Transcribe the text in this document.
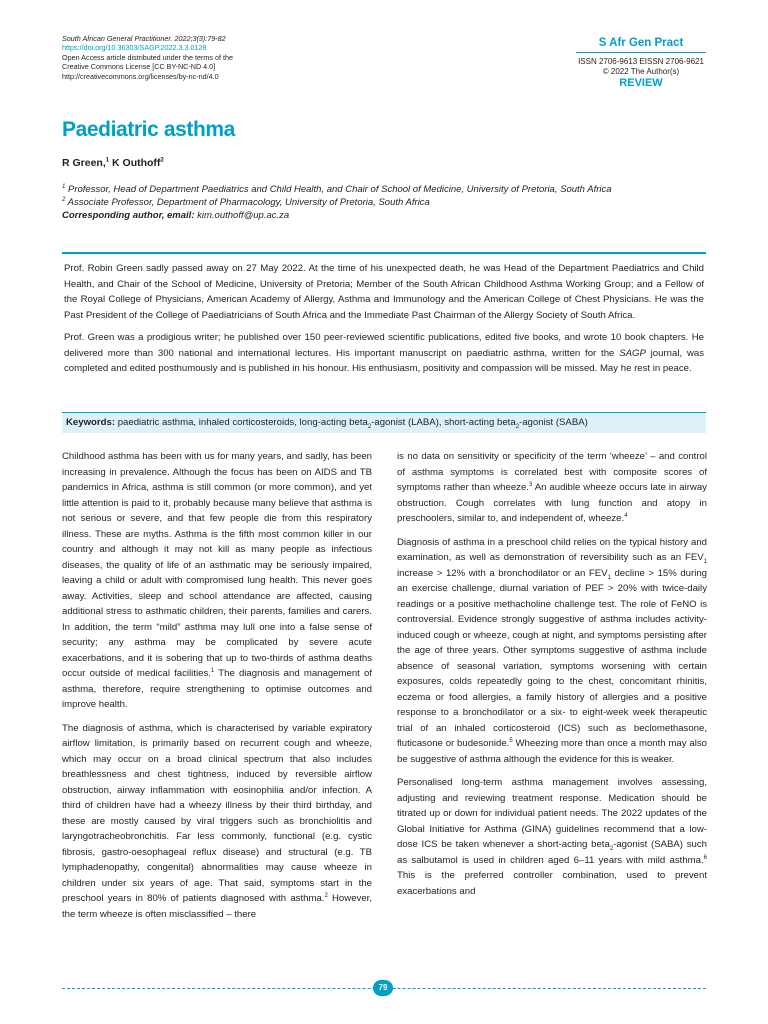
South African General Practitioner. 2022;3(3):79-82
https://doi.org/10.36303/SAGP.2022.3.3.0128
Open Access article distributed under the terms of the
Creative Commons License [CC BY-NC-ND 4.0]
http://creativecommons.org/licenses/by-nc-nd/4.0
S Afr Gen Pract
ISSN 2706-9613 EISSN 2706-9621
© 2022 The Author(s)
REVIEW
Paediatric asthma
R Green,$^1$ K Outhoff$^2$
$^1$ Professor, Head of Department Paediatrics and Child Health, and Chair of School of Medicine, University of Pretoria, South Africa
$^2$ Associate Professor, Department of Pharmacology, University of Pretoria, South Africa
Corresponding author, email: kim.outhoff@up.ac.za

Prof. Robin Green sadly passed away on 27 May 2022. At the time of his unexpected death, he was Head of the Department Paediatrics and Child Health, and Chair of the School of Medicine, University of Pretoria; Member of the South African Childhood Asthma Working Group; and a Fellow of the Royal College of Physicians, American Academy of Allergy, Asthma and Immunology and the American College of Chest Physicians. He was the Past President of the College of Paediatricians of South Africa and the Immediate Past Chairman of the Allergy Society of South Africa.

Prof. Green was a prodigious writer; he published over 150 peer-reviewed scientific publications, edited five books, and wrote 10 book chapters. He delivered more than 300 national and international lectures. His important manuscript on paediatric asthma, written for the SAGP journal, was completed and edited posthumously and is published in his honour. His enthusiasm, positivity and compassion will be missed. May he rest in peace.

Keywords: paediatric asthma, inhaled corticosteroids, long-acting beta$_2$-agonist (LABA), short-acting beta$_2$-agonist (SABA)

Childhood asthma has been with us for many years, and sadly, has been increasing in prevalence. Although the focus has been on AIDS and TB pandemics in Africa, asthma is still common (or more common), and yet little attention is paid to it, probably because many believe that asthma is not serious or severe, and that few people die from this respiratory illness. These are myths. Asthma is the fifth most common killer in our country and although it may not kill as many people as infectious diseases, the quality of life of an asthmatic may be seriously impaired, leaving a child or adult with compromised lung health. This never goes away. Activities, sleep and school attendance are affected, causing additional stress to asthmatic children, their parents, families and carers. In addition, the term “mild” asthma may lull one into a false sense of security; any asthma may be complicated by severe acute exacerbations, and it is sobering that up to two-thirds of asthma deaths occur outside of medical facilities.$^1$ The diagnosis and management of asthma, therefore, require strengthening to optimise outcomes and improve health.

The diagnosis of asthma, which is characterised by variable expiratory airflow limitation, is primarily based on recurrent cough and wheeze, which may occur on a broad clinical spectrum that also includes breathlessness and chest tightness, induced by reversible airflow obstruction, airway inflammation with eosinophilia and/or infection. A third of children have had a wheezy illness by their third birthday, and these are mostly caused by viral triggers such as bronchiolitis and laryngotracheobronchitis. Far less commonly, functional (e.g. cystic fibrosis, gastro-oesophageal reflux disease) and structural (e.g. TB lymphadenopathy, congenital) abnormalities may cause wheeze in children under six years of age. That said, symptoms start in the preschool years in 80% of patients diagnosed with asthma.$^2$ However, the term wheeze is often misclassified – there

is no data on sensitivity or specificity of the term ‘wheeze’ – and control of asthma symptoms is correlated best with composite scores of symptoms rather than wheeze.$^3$ An audible wheeze occurs late in airway obstruction. Cough correlates with lung function and atopy in preschoolers, similar to, and independent of, wheeze.$^4$

Diagnosis of asthma in a preschool child relies on the typical history and examination, as well as demonstration of reversibility such as an $FEV_1$ increase > 12% with a bronchodilator or an $FEV_1$ decline > 15% during an exercise challenge, diurnal variation of PEF > 20% with twice-daily readings or a positive methacholine challenge test. The role of FeNO is controversial. Evidence strongly suggestive of asthma includes activity-induced cough or wheeze, cough at night, and symptoms persisting after the age of three years. Other symptoms suggestive of asthma include absence of seasonal variation, symptoms worsening with certain exposures, colds repeatedly going to the chest, concomitant rhinitis, eczema or food allergies, a family history of allergies and a positive response to a bronchodilator or a six- to eight-week week therapeutic trial of an inhaled corticosteroid (ICS) such as beclomethasone, fluticasone or budesonide.$^5$ Wheezing more than once a month may also be suggestive of asthma although the evidence for this is weaker.

Personalised long-term asthma management involves assessing, adjusting and reviewing treatment response. Medication should be titrated up or down for individual patient needs. The 2022 updates of the Global Initiative for Asthma (GINA) guidelines recommend that a low-dose ICS be taken whenever a short-acting beta$_2$-agonist (SABA) such as salbutamol is used in children aged 6–11 years with mild asthma.$^6$ This is the preferred controller combination, used to prevent exacerbations and

79
